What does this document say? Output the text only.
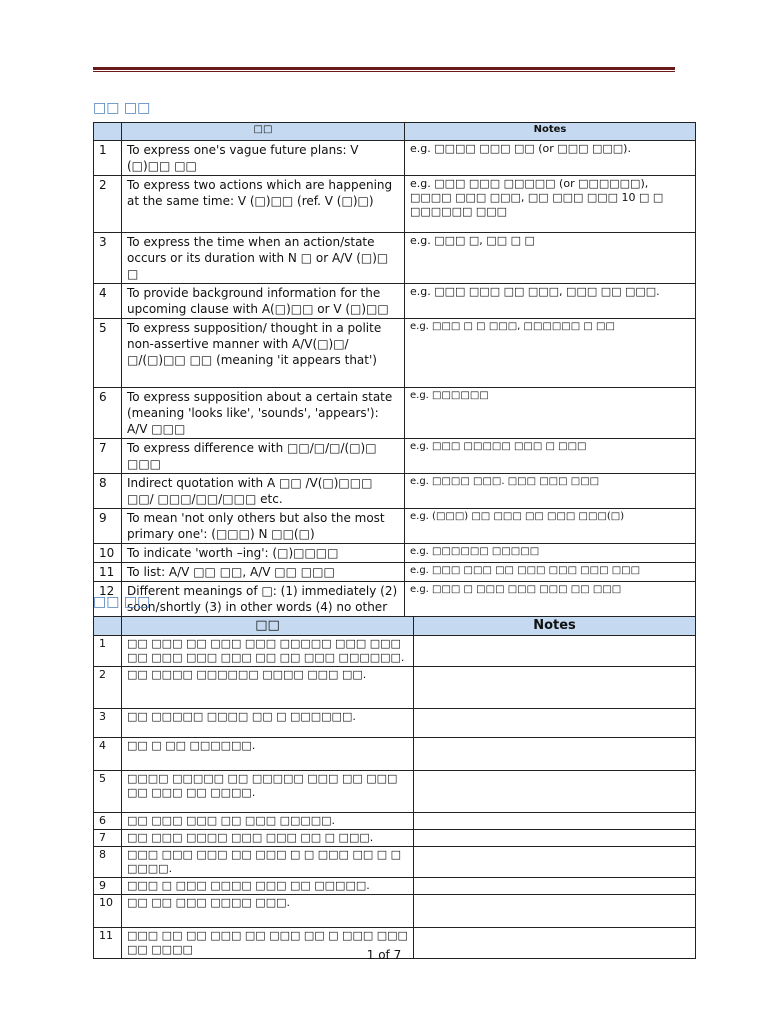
□□ □□
	□□	Notes
1	To express one's vague future plans: V (□)□□ □□	e.g. □□□□ □□□ □□ (or □□□ □□□).
2	To express two actions which are happening at the same time: V (□)□□ (ref. V (□)□)	e.g. □□□ □□□ □□□□□ (or □□□□□□), □□□□ □□□ □□□, □□ □□□ □□□ 10 □ □ □□□□□□ □□□
3	To express the time when an action/state occurs or its duration with N □ or A/V (□)□ □	e.g. □□□ □, □□ □ □
4	To provide background information for the upcoming clause with A(□)□□ or V (□)□□	e.g. □□□ □□□ □□ □□□, □□□ □□ □□□.
5	To express supposition/ thought in a polite non-assertive manner with A/V(□)□/□/(□)□□ □□ (meaning 'it appears that')	e.g. □□□ □ □ □□□, □□□□□□ □ □□
6	To express supposition about a certain state (meaning 'looks like', 'sounds', 'appears'): A/V □□□	e.g. □□□□□□
7	To express difference with □□/□/□/(□)□ □□□	e.g. □□□ □□□□□ □□□ □ □□□
8	Indirect quotation with A □□ /V(□)□□□ □□/ □□□/□□/□□□ etc.	e.g. □□□□ □□□. □□□ □□□ □□□
9	To mean 'not only others but also the most primary one': (□□□) N □□(□)	e.g. (□□□) □□ □□□ □□ □□□ □□□(□)
10	To indicate 'worth –ing': (□)□□□□	e.g. □□□□□□ □□□□□
11	To list: A/V □□ □□, A/V □□ □□□	e.g. □□□ □□□ □□ □□□ □□□ □□□ □□□
12	Different meanings of □: (1) immediately (2) soon/shortly (3) in other words (4) no other	e.g. □□□ □ □□□ □□□ □□□ □□ □□□
□□ □□
	□□	Notes
1	□□ □□□ □□ □□□ □□□ □□□□□ □□□ □□□ □□ □□□ □□□ □□□ □□ □□ □□□ □□□□□□.	
2	□□ □□□□ □□□□□□ □□□□ □□□ □□.	
3	□□ □□□□□ □□□□ □□ □ □□□□□□.	
4	□□ □ □□ □□□□□□.	
5	□□□□ □□□□□ □□ □□□□□ □□□ □□ □□□ □□ □□□ □□ □□□□.	
6	□□ □□□ □□□ □□ □□□ □□□□□.	
7	□□ □□□ □□□□ □□□ □□□ □□ □ □□□.	
8	□□□ □□□ □□□ □□ □□□ □ □ □□□ □□ □ □ □□□□.	
9	□□□ □ □□□ □□□□ □□□ □□ □□□□□.	
10	□□ □□ □□□ □□□□ □□□.	
11	□□□ □□ □□ □□□ □□ □□□ □□ □ □□□ □□□ □□ □□□□		1 of 7
